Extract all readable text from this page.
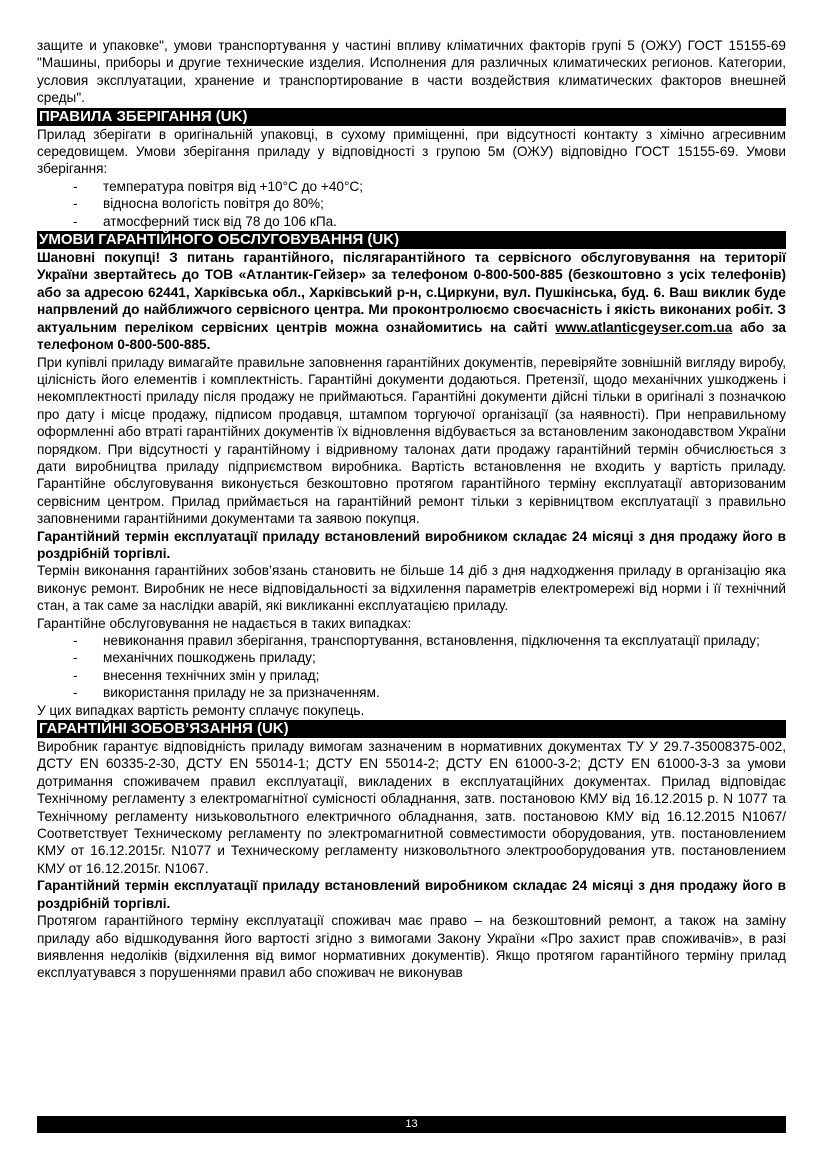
защите и упаковке", умови транспортування у частині впливу кліматичних факторів групі 5 (ОЖУ) ГОСТ 15155-69 "Машины, приборы и другие технические изделия. Исполнения для различных климатических регионов. Категории, условия эксплуатации, хранение и транспортирование в части воздействия климатических факторов внешней среды".

ПРАВИЛА ЗБЕРІГАННЯ (UK)

Прилад зберігати в оригінальній упаковці, в сухому приміщенні, при відсутності контакту з хімічно агресивним середовищем. Умови зберігання приладу у відповідності з групою 5м (ОЖУ) відповідно ГОСТ 15155-69. Умови зберігання:

- температура повітря від +10°С до +40°С;
- відносна вологість повітря до 80%;
- атмосферний тиск від 78 до 106 кПа.
УМОВИ ГАРАНТІЙНОГО ОБСЛУГОВУВАННЯ (UK)

Шановні покупці! З питань гарантійного, післягарантійного та сервісного обслуговування на території України звертайтесь до ТОВ «Атлантик-Гейзер» за телефоном 0-800-500-885 (безкоштовно з усіх телефонів) або за адресою 62441, Харківська обл., Харківський р-н, с.Циркуни, вул. Пушкінська, буд. 6. Ваш виклик буде напрвлений до найближчого сервісного центра. Ми проконтролюємо своєчасність і якість виконаних робіт. З актуальним переліком сервісних центрів можна ознайомитись на сайті www.atlanticgeyser.com.ua або за телефоном 0-800-500-885.

При купівлі приладу вимагайте правильне заповнення гарантійних документів, перевіряйте зовнішній вигляду виробу, цілісність його елементів і комплектність. Гарантійні документи додаються. Претензії, щодо механічних ушкоджень і некомплектності приладу після продажу не приймаються. Гарантійні документи дійсні тільки в оригіналі з позначкою про дату і місце продажу, підписом продавця, штампом торгуючої організації (за наявності). При неправильному оформленні або втраті гарантійних документів їх відновлення відбувається за встановленим законодавством України порядком. При відсутності у гарантійному і відривному талонах дати продажу гарантійний термін обчислюється з дати виробництва приладу підприємством виробника. Вартість встановлення не входить у вартість приладу. Гарантійне обслуговування виконується безкоштовно протягом гарантійного терміну експлуатації авторизованим сервісним центром. Прилад приймається на гарантійний ремонт тільки з керівництвом експлуатації з правильно заповненими гарантійними документами та заявою покупця.

Гарантійний термін експлуатації приладу встановлений виробником складає 24 місяці з дня продажу його в роздрібній торгівлі.

Термін виконання гарантійних зобов’язань становить не більше 14 діб з дня надходження приладу в організацію яка виконує ремонт. Виробник не несе відповідальності за відхилення параметрів електромережі від норми і її технічний стан, а так саме за наслідки аварій, які викликанні експлуатацією приладу.

Гарантійне обслуговування не надається в таких випадках:

-	невиконання правил зберігання, транспортування, встановлення, підключення та експлуатації приладу;
- механічних пошкоджень приладу;
- внесення технічних змін у прилад;
- використання приладу не за призначенням.

У цих випадках вартість ремонту сплачує покупець.

ГАРАНТІЙНІ ЗОБОВ’ЯЗАННЯ (UK)

Виробник гарантує відповідність приладу вимогам зазначеним в нормативних документах ТУ У 29.7-35008375-002, ДСТУ EN 60335-2-30, ДСТУ EN 55014-1; ДСТУ EN 55014-2; ДСТУ EN 61000-3-2; ДСТУ EN 61000-3-3 за умови дотримання споживачем правил експлуатації, викладених в експлуатаційних документах. Прилад відповідає Технічному регламенту з електромагнітної сумісності обладнання, затв. постановою КМУ від 16.12.2015 р. N 1077 та Технічному регламенту низьковольтного електричного обладнання, затв. постановою КМУ від 16.12.2015 N1067/ Соответствует Техническому регламенту по электромагнитной совместимости оборудования, утв. постановлением КМУ от 16.12.2015г. N1077 и Техническому регламенту низковольтного электрооборудования утв. постановлением КМУ от 16.12.2015г. N1067.

Гарантійний термін експлуатації приладу встановлений виробником складає 24 місяці з дня продажу його в роздрібній торгівлі.

Протягом гарантійного терміну експлуатації споживач має право – на безкоштовний ремонт, а також на заміну приладу або відшкодування його вартості згідно з вимогами Закону України «Про захист прав споживачів», в разі виявлення недоліків (відхилення від вимог нормативних документів). Якщо протягом гарантійного терміну прилад експлуатувався з порушеннями правил або споживач не виконував

13
